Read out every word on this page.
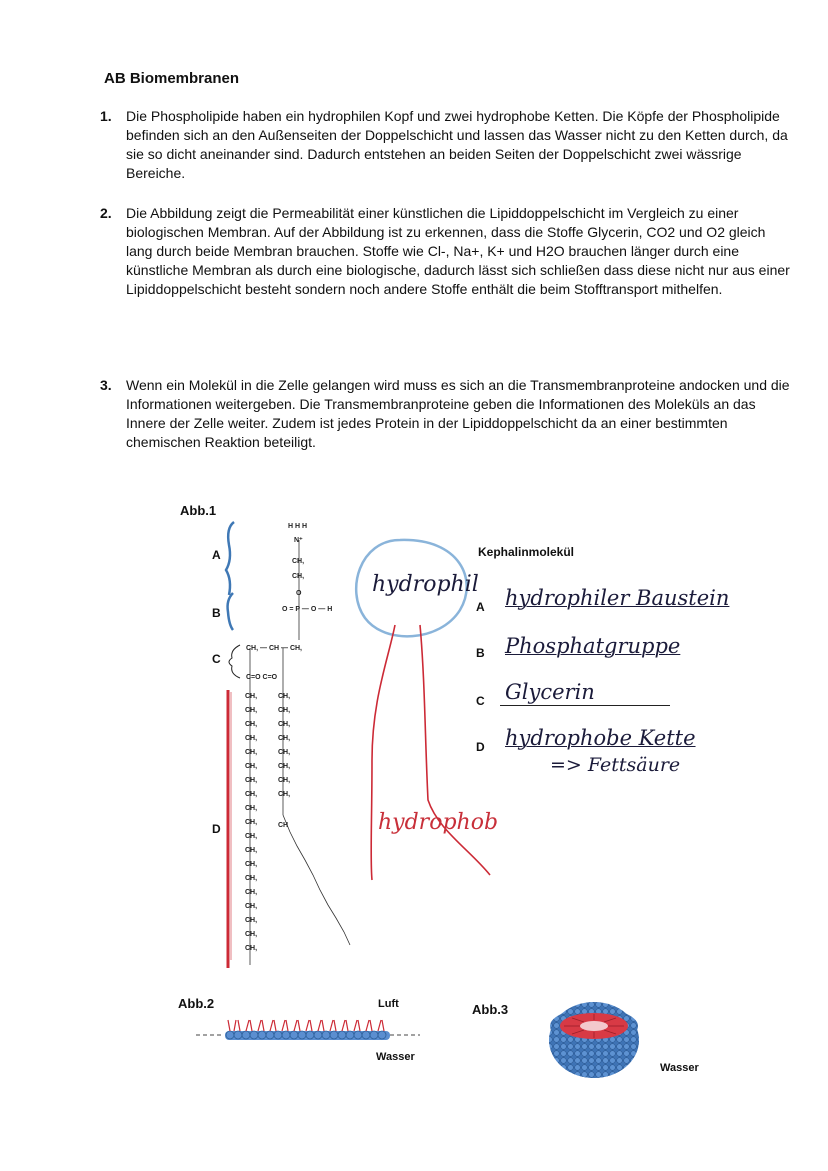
AB Biomembranen
1. Die Phospholipide haben ein hydrophilen Kopf und zwei hydrophobe Ketten. Die Köpfe der Phospholipide befinden sich an den Außenseiten der Doppelschicht und lassen das Wasser nicht zu den Ketten durch, da sie so dicht aneinander sind. Dadurch entstehen an beiden Seiten der Doppelschicht zwei wässrige Bereiche.
2. Die Abbildung zeigt die Permeabilität einer künstlichen die Lipiddoppelschicht im Vergleich zu einer biologischen Membran. Auf der Abbildung ist zu erkennen, dass die Stoffe Glycerin, CO2 und O2 gleich lang durch beide Membran brauchen. Stoffe wie Cl-, Na+, K+ und H2O brauchen länger durch eine künstliche Membran als durch eine biologische, dadurch lässt sich schließen dass diese nicht nur aus einer Lipiddoppelschicht besteht sondern noch andere Stoffe enthält die beim Stofftransport mithelfen.
3. Wenn ein Molekül in die Zelle gelangen wird muss es sich an die Transmembranproteine andocken und die Informationen weitergeben. Die Transmembranproteine geben die Informationen des Moleküls an das Innere der Zelle weiter. Zudem ist jedes Protein in der Lipiddoppelschicht da an einer bestimmten chemischen Reaktion beteiligt.
Abb.1
Kephalinmolekül
A
B
C
D
H H H
N⁺
CH,
CH,
O
O = P — O — H
CH, — CH — CH,
C=O C=O
CH
CH,
CH,
CH,
CH,
CH,
CH,
CH,
CH,
CH,
CH,
CH,
CH,
CH,
CH,
CH,
CH,
CH,
CH,
CH,
CH,
CH,
CH,
CH,
CH,
CH,
CH,
CH,
hydrophil
hydrophob
A hydrophiler Baustein
B Phosphatgruppe
C Glycerin
D hydrophobe Kette
=> Fettsäure
Abb.2	Luft
Wasser
Abb.3
Wasser
